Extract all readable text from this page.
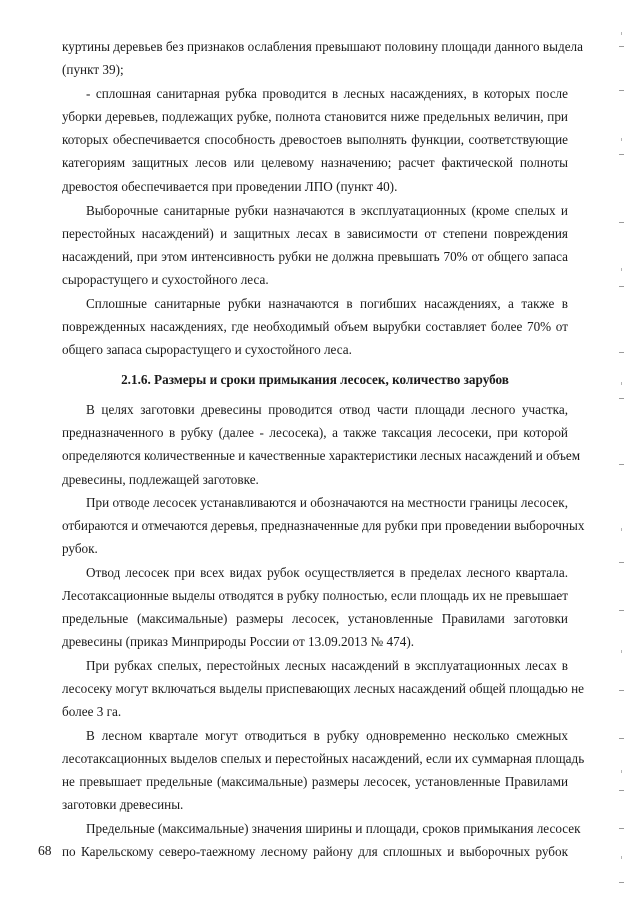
куртины деревьев без признаков ослабления превышают половину площади данного выдела
(пункт 39);
- сплошная санитарная рубка проводится в лесных насаждениях, в которых после
уборки деревьев, подлежащих рубке, полнота становится ниже предельных величин, при
которых обеспечивается способность древостоев выполнять функции, соответствующие
категориям защитных лесов или целевому назначению; расчет фактической полноты
древостоя обеспечивается при проведении ЛПО (пункт 40).
Выборочные санитарные рубки назначаются в эксплуатационных (кроме спелых и
перестойных насаждений) и защитных лесах в зависимости от степени повреждения
насаждений, при этом интенсивность рубки не должна превышать 70% от общего запаса
сырорастущего и сухостойного леса.
Сплошные санитарные рубки назначаются в погибших насаждениях, а также в
поврежденных насаждениях, где необходимый объем вырубки составляет более 70% от
общего запаса сырорастущего и сухостойного леса.
2.1.6. Размеры и сроки примыкания лесосек, количество зарубов
В целях заготовки древесины проводится отвод части площади лесного участка,
предназначенного в рубку (далее - лесосека), а также таксация лесосеки, при которой
определяются количественные и качественные характеристики лесных насаждений и объем
древесины, подлежащей заготовке.
При отводе лесосек устанавливаются и обозначаются на местности границы лесосек,
отбираются и отмечаются деревья, предназначенные для рубки при проведении выборочных
рубок.
Отвод лесосек при всех видах рубок осуществляется в пределах лесного квартала.
Лесотаксационные выделы отводятся в рубку полностью, если площадь их не превышает
предельные (максимальные) размеры лесосек, установленные Правилами заготовки
древесины (приказ Минприроды России от 13.09.2013 № 474).
При рубках спелых, перестойных лесных насаждений в эксплуатационных лесах в
лесосеку могут включаться выделы приспевающих лесных насаждений общей площадью не
более 3 га.
В лесном квартале могут отводиться в рубку одновременно несколько смежных
лесотаксационных выделов спелых и перестойных насаждений, если их суммарная площадь
не превышает предельные (максимальные) размеры лесосек, установленные Правилами
заготовки древесины.
Предельные (максимальные) значения ширины и площади, сроков примыкания лесосек
по Карельскому северо-таежному лесному району для сплошных и выборочных рубок
68
